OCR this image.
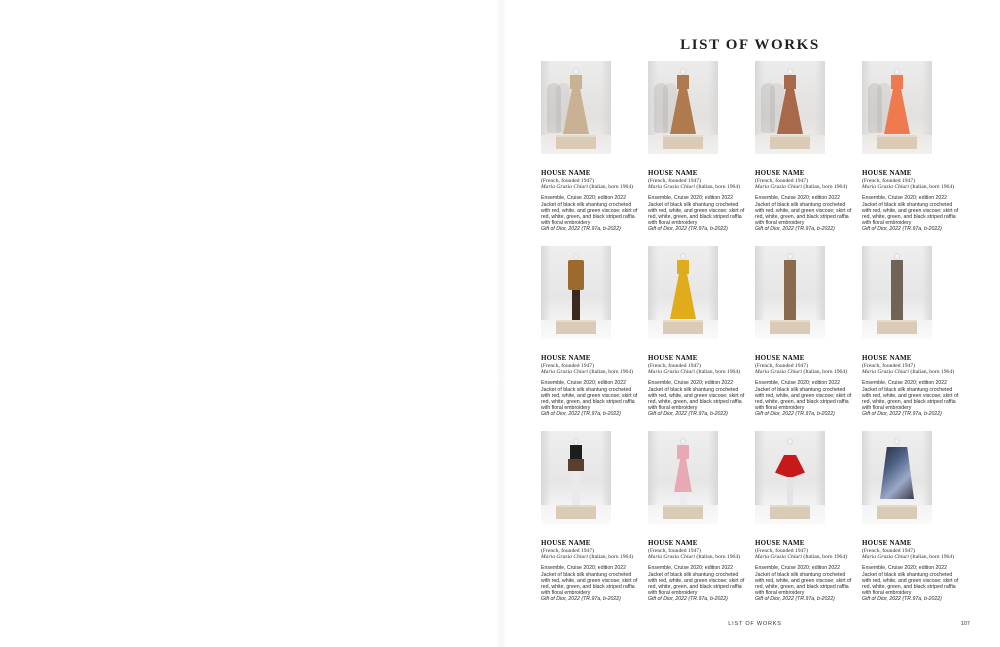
LIST OF WORKS
HOUSE NAME
(French, founded 1947)
Maria Grazia Chiuri (Italian, born 1964)
Ensemble, Cruise 2020; edition 2022 Jacket of black silk shantung crocheted with red, white, and green viscose; skirt of red, white, green, and black striped raffia with floral embroidery
Gift of Dior, 2022 (TR.97a, b-2022)
HOUSE NAME
(French, founded 1947)
Maria Grazia Chiuri (Italian, born 1964)
Ensemble, Cruise 2020; edition 2022 Jacket of black silk shantung crocheted with red, white, and green viscose; skirt of red, white, green, and black striped raffia with floral embroidery
Gift of Dior, 2022 (TR.97a, b-2022)
HOUSE NAME
(French, founded 1947)
Maria Grazia Chiuri (Italian, born 1964)
Ensemble, Cruise 2020; edition 2022 Jacket of black silk shantung crocheted with red, white, and green viscose; skirt of red, white, green, and black striped raffia with floral embroidery
Gift of Dior, 2022 (TR.97a, b-2022)
HOUSE NAME
(French, founded 1947)
Maria Grazia Chiuri (Italian, born 1964)
Ensemble, Cruise 2020; edition 2022 Jacket of black silk shantung crocheted with red, white, and green viscose; skirt of red, white, green, and black striped raffia with floral embroidery
Gift of Dior, 2022 (TR.97a, b-2022)
HOUSE NAME
(French, founded 1947)
Maria Grazia Chiuri (Italian, born 1964)
Ensemble, Cruise 2020; edition 2022 Jacket of black silk shantung crocheted with red, white, and green viscose; skirt of red, white, green, and black striped raffia with floral embroidery
Gift of Dior, 2022 (TR.97a, b-2022)
HOUSE NAME
(French, founded 1947)
Maria Grazia Chiuri (Italian, born 1964)
Ensemble, Cruise 2020; edition 2022 Jacket of black silk shantung crocheted with red, white, and green viscose; skirt of red, white, green, and black striped raffia with floral embroidery
Gift of Dior, 2022 (TR.97a, b-2022)
HOUSE NAME
(French, founded 1947)
Maria Grazia Chiuri (Italian, born 1964)
Ensemble, Cruise 2020; edition 2022 Jacket of black silk shantung crocheted with red, white, and green viscose; skirt of red, white, green, and black striped raffia with floral embroidery
Gift of Dior, 2022 (TR.97a, b-2022)
HOUSE NAME
(French, founded 1947)
Maria Grazia Chiuri (Italian, born 1964)
Ensemble, Cruise 2020; edition 2022 Jacket of black silk shantung crocheted with red, white, and green viscose; skirt of red, white, green, and black striped raffia with floral embroidery
Gift of Dior, 2022 (TR.97a, b-2022)
HOUSE NAME
(French, founded 1947)
Maria Grazia Chiuri (Italian, born 1964)
Ensemble, Cruise 2020; edition 2022 Jacket of black silk shantung crocheted with red, white, and green viscose; skirt of red, white, green, and black striped raffia with floral embroidery
Gift of Dior, 2022 (TR.97a, b-2022)
HOUSE NAME
(French, founded 1947)
Maria Grazia Chiuri (Italian, born 1964)
Ensemble, Cruise 2020; edition 2022 Jacket of black silk shantung crocheted with red, white, and green viscose; skirt of red, white, green, and black striped raffia with floral embroidery
Gift of Dior, 2022 (TR.97a, b-2022)
HOUSE NAME
(French, founded 1947)
Maria Grazia Chiuri (Italian, born 1964)
Ensemble, Cruise 2020; edition 2022 Jacket of black silk shantung crocheted with red, white, and green viscose; skirt of red, white, green, and black striped raffia with floral embroidery
Gift of Dior, 2022 (TR.97a, b-2022)
HOUSE NAME
(French, founded 1947)
Maria Grazia Chiuri (Italian, born 1964)
Ensemble, Cruise 2020; edition 2022 Jacket of black silk shantung crocheted with red, white, and green viscose; skirt of red, white, green, and black striped raffia with floral embroidery
Gift of Dior, 2022 (TR.97a, b-2022)
LIST OF WORKS	107
